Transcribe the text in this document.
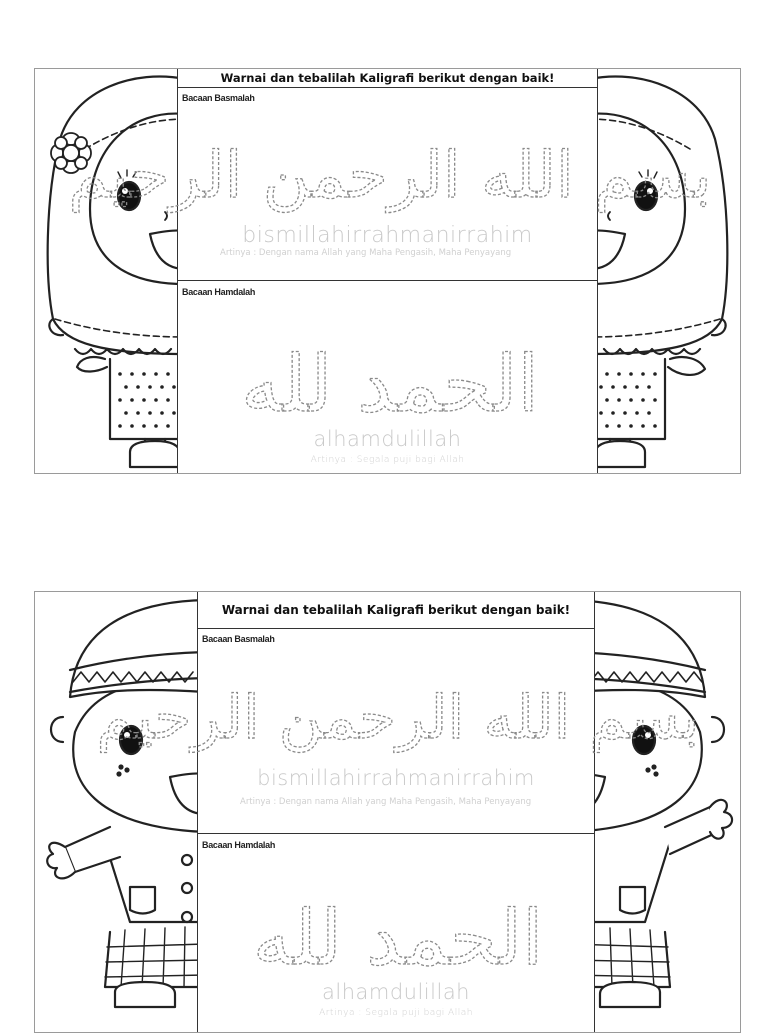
Warnai dan tebalilah Kaligrafi berikut dengan baik!
Bacaan Basmalah
بسم الله الرحمن الرحيم
bismillahirrahmanirrahim
Artinya : Dengan nama Allah yang Maha Pengasih, Maha Penyayang
Bacaan Hamdalah
الحمد لله
alhamdulillah
Artinya : Segala puji bagi Allah
Warnai dan tebalilah Kaligrafi berikut dengan baik!
Bacaan Basmalah
بسم الله الرحمن الرحيم
bismillahirrahmanirrahim
Artinya : Dengan nama Allah yang Maha Pengasih, Maha Penyayang
Bacaan Hamdalah
الحمد لله
alhamdulillah
Artinya : Segala puji bagi Allah
